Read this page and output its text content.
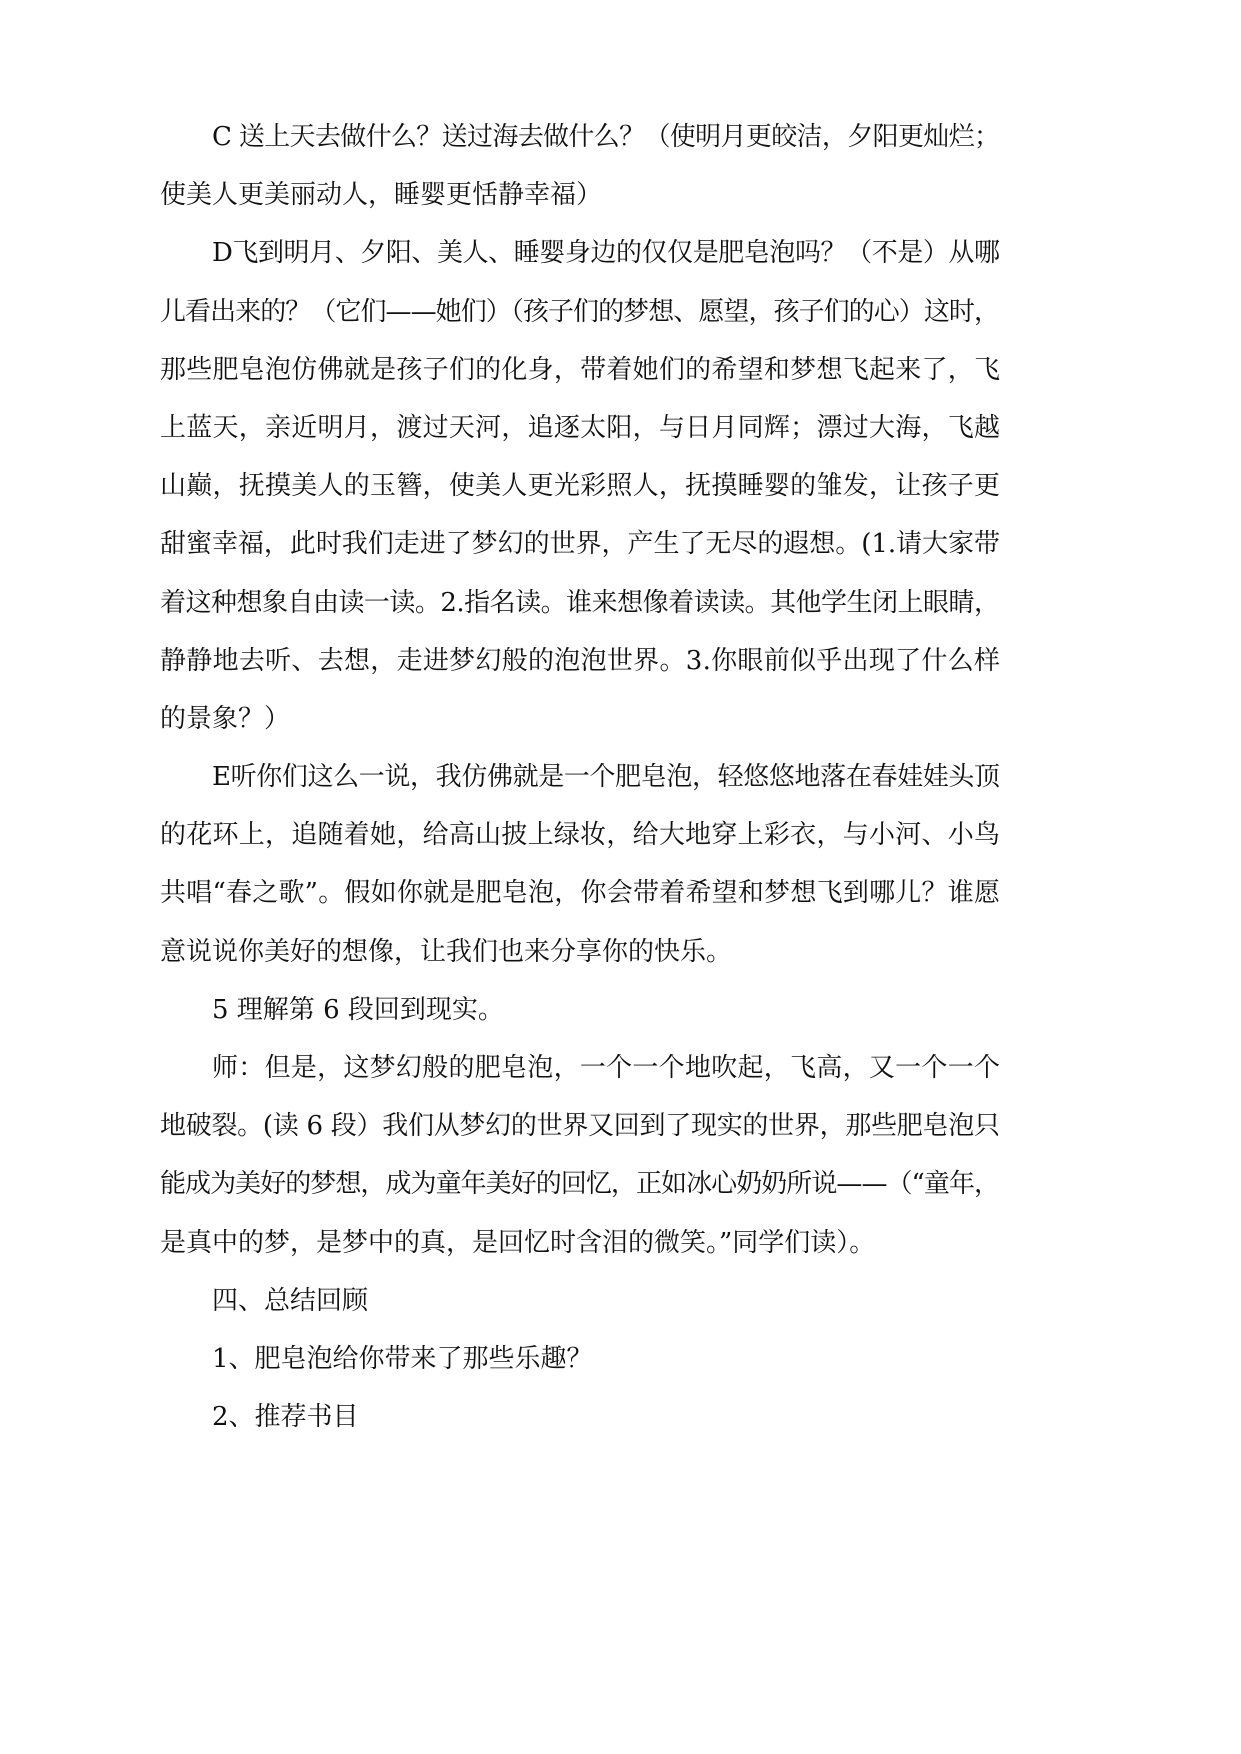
C 送上天去做什么？送过海去做什么？（使明月更皎洁，夕阳更灿烂；
使美人更美丽动人，睡婴更恬静幸福）
D飞到明月、夕阳、美人、睡婴身边的仅仅是肥皂泡吗？（不是）从哪
儿看出来的？（它们——她们）（孩子们的梦想、愿望，孩子们的心）这时，
那些肥皂泡仿佛就是孩子们的化身，带着她们的希望和梦想飞起来了，飞
上蓝天，亲近明月，渡过天河，追逐太阳，与日月同辉；漂过大海，飞越
山巅，抚摸美人的玉簪，使美人更光彩照人，抚摸睡婴的雏发，让孩子更
甜蜜幸福，此时我们走进了梦幻的世界，产生了无尽的遐想。(1.请大家带
着这种想象自由读一读。2.指名读。谁来想像着读读。其他学生闭上眼睛，
静静地去听、去想，走进梦幻般的泡泡世界。3.你眼前似乎出现了什么样
的景象？）
E听你们这么一说，我仿佛就是一个肥皂泡，轻悠悠地落在春娃娃头顶
的花环上，追随着她，给高山披上绿妆，给大地穿上彩衣，与小河、小鸟
共唱“春之歌”。假如你就是肥皂泡，你会带着希望和梦想飞到哪儿？谁愿
意说说你美好的想像，让我们也来分享你的快乐。
5 理解第 6 段回到现实。
师：但是，这梦幻般的肥皂泡，一个一个地吹起，飞高，又一个一个
地破裂。(读 6 段）我们从梦幻的世界又回到了现实的世界，那些肥皂泡只
能成为美好的梦想，成为童年美好的回忆，正如冰心奶奶所说——（“童年，
是真中的梦，是梦中的真，是回忆时含泪的微笑。”同学们读）。
四、总结回顾
1、肥皂泡给你带来了那些乐趣？
2、推荐书目
